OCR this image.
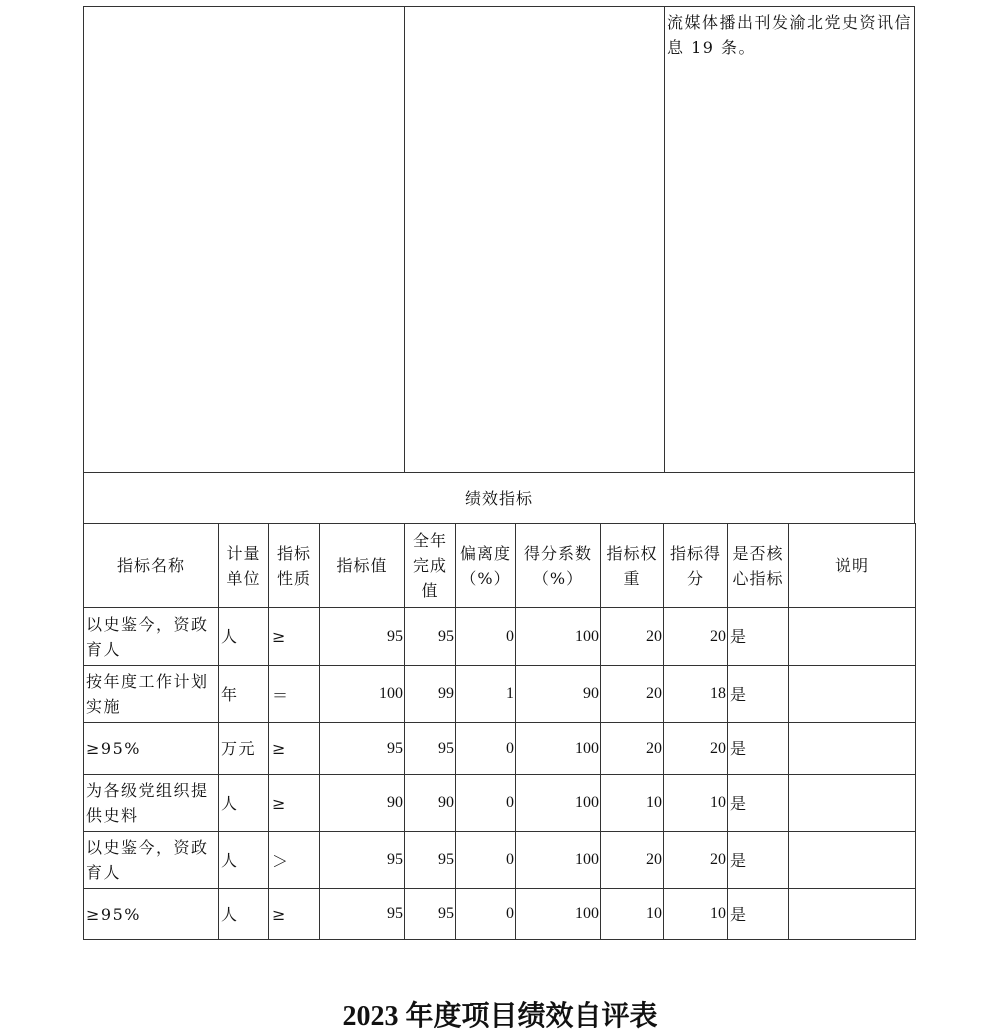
流媒体播出刊发渝北党史资讯信息 19 条。
绩效指标
指标名称	计量单位	指标性质	指标值	全年完成值	偏离度（%）	得分系数（%）	指标权重	指标得分	是否核心指标	说明
以史鉴今，资政育人	人	≥	95	95	0	100	20	20	是	
按年度工作计划实施	年	＝	100	99	1	90	20	18	是	
≥95%	万元	≥	95	95	0	100	20	20	是	
为各级党组织提供史料	人	≥	90	90	0	100	10	10	是	
以史鉴今，资政育人	人	＞	95	95	0	100	20	20	是	
≥95%	人	≥	95	95	0	100	10	10	是	
2023 年度项目绩效自评表
